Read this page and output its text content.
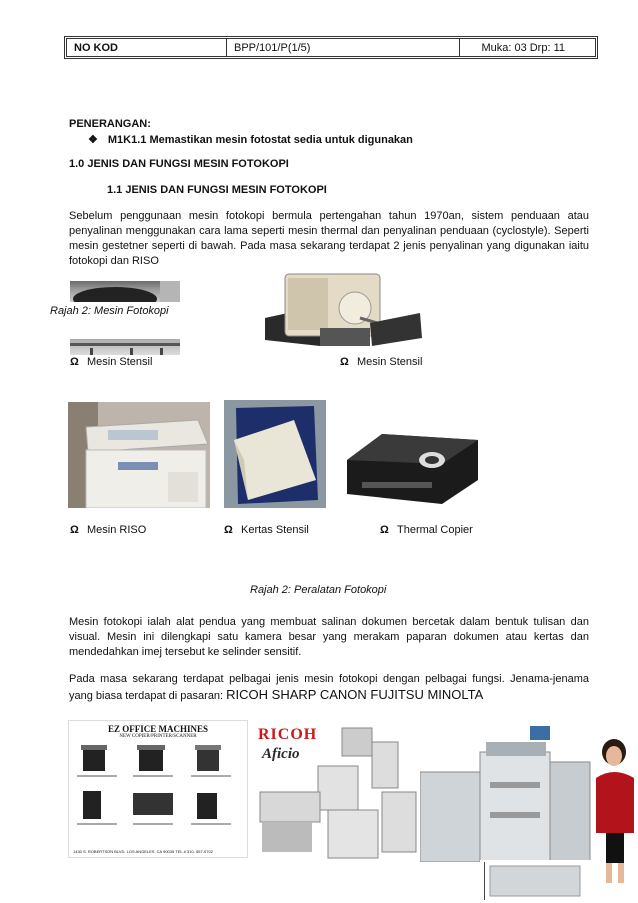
NO KOD	BPP/101/P(1/5)	Muka: 03 Drp: 11
PENERANGAN:
❖ M1K1.1 Memastikan mesin fotostat sedia untuk digunakan
1.0 JENIS DAN FUNGSI MESIN FOTOKOPI
1.1 JENIS DAN FUNGSI MESIN FOTOKOPI
Sebelum penggunaan mesin fotokopi bermula pertengahan tahun 1970an, sistem penduaan atau penyalinan menggunakan cara lama seperti mesin thermal dan penyalinan penduaan (cyclostyle). Seperti mesin gestetner seperti di bawah. Pada masa sekarang terdapat 2 jenis penyalinan yang digunakan iaitu fotokopi dan RISO
Rajah 2: Mesin Fotokopi
Ω Mesin Stensil	Ω Mesin Stensil
Ω Mesin RISO	Ω Kertas Stensil	Ω Thermal Copier
Rajah 2: Peralatan Fotokopi
Mesin fotokopi ialah alat pendua yang membuat salinan dokumen bercetak dalam bentuk tulisan dan visual. Mesin ini dilengkapi satu kamera besar yang merakam paparan dokumen atau kertas dan mendedahkan imej tersebut ke selinder sensitif.
Pada masa sekarang terdapat pelbagai jenis mesin fotokopi dengan pelbagai fungsi. Jenama-jenama yang biasa terdapat di pasaran: RICOH SHARP CANON FUJITSU MINOLTA
EZ OFFICE MACHINES
NEW COPIER/PRINTER/SCANNER
1430 S. ROBERTSON BLVD. LOS ANGELES, CA 90035 TEL # 310- 557-0702
RICOH
Aficio
